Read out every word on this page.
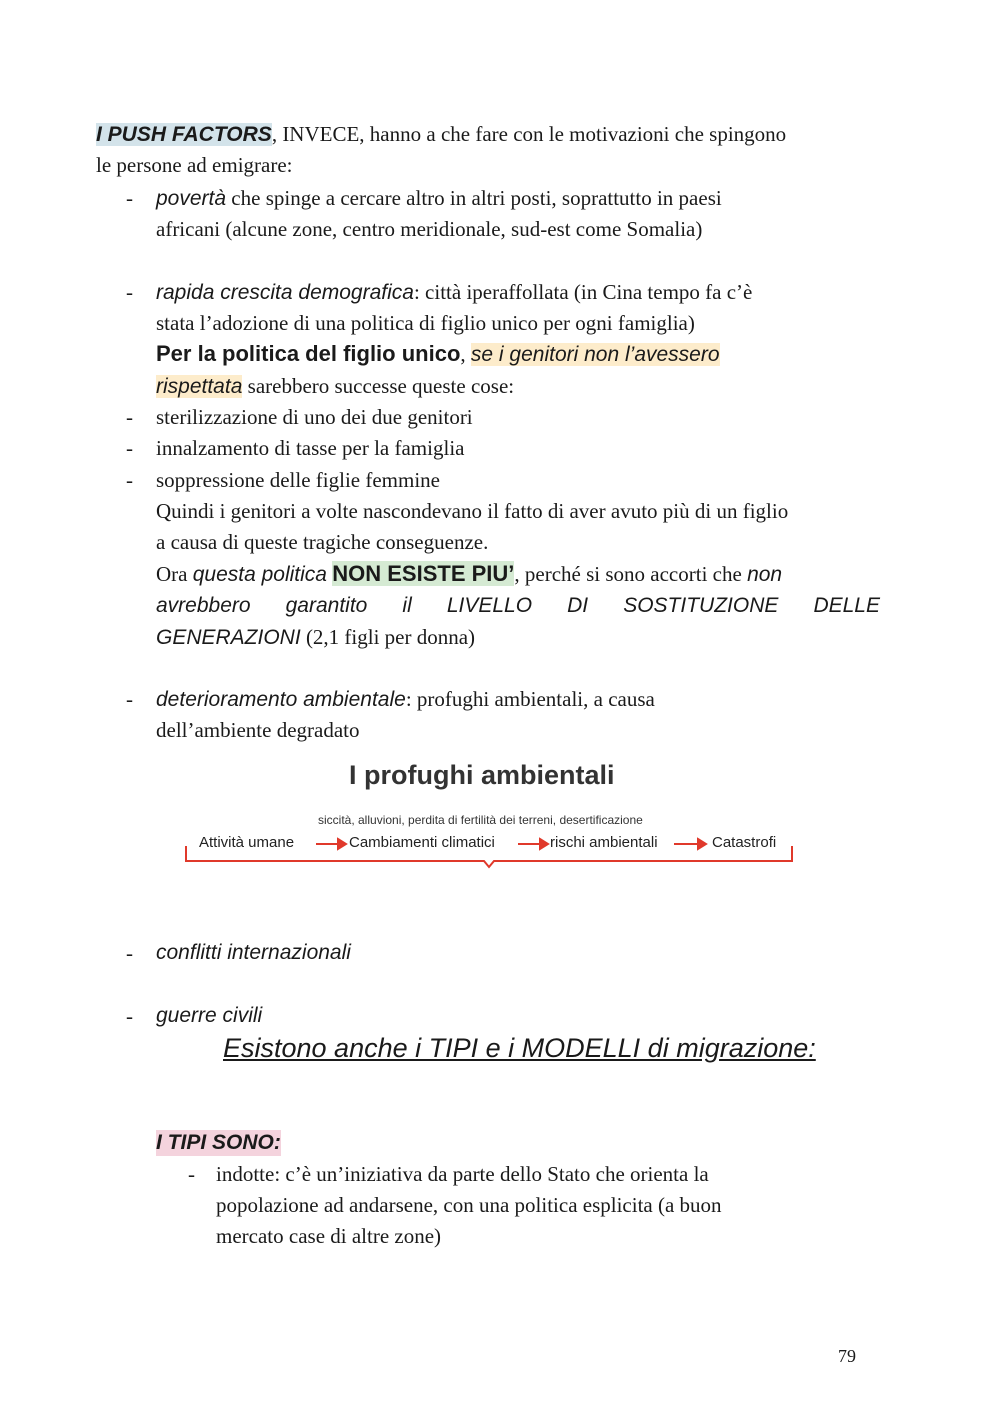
I PUSH FACTORS, INVECE, hanno a che fare con le motivazioni che spingono
le persone ad emigrare:
- povertà che spinge a cercare altro in altri posti, soprattutto in paesi
africani (alcune zone, centro meridionale, sud-est come Somalia)
- rapida crescita demografica: città iperaffollata (in Cina tempo fa c’è
stata l’adozione di una politica di figlio unico per ogni famiglia)
Per la politica del figlio unico, se i genitori non l’avessero
rispettata sarebbero successe queste cose:
- sterilizzazione di uno dei due genitori
- innalzamento di tasse per la famiglia
- soppressione delle figlie femmine
Quindi i genitori a volte nascondevano il fatto di aver avuto più di un figlio
a causa di queste tragiche conseguenze.
Ora questa politica NON ESISTE PIU’, perché si sono accorti che non
avrebbero garantito il LIVELLO DI SOSTITUZIONE DELLE
GENERAZIONI (2,1 figli per donna)
- deterioramento ambientale: profughi ambientali, a causa
dell’ambiente degradato
I profughi ambientali
siccità, alluvioni, perdita di fertilità dei terreni, desertificazione
Attività umane	Cambiamenti climatici	rischi ambientali	Catastrofi
- conflitti internazionali
- guerre civili
Esistono anche i TIPI e i MODELLI di migrazione:
I TIPI SONO:
- indotte: c’è un’iniziativa da parte dello Stato che orienta la
popolazione ad andarsene, con una politica esplicita (a buon
mercato case di altre zone)
79
